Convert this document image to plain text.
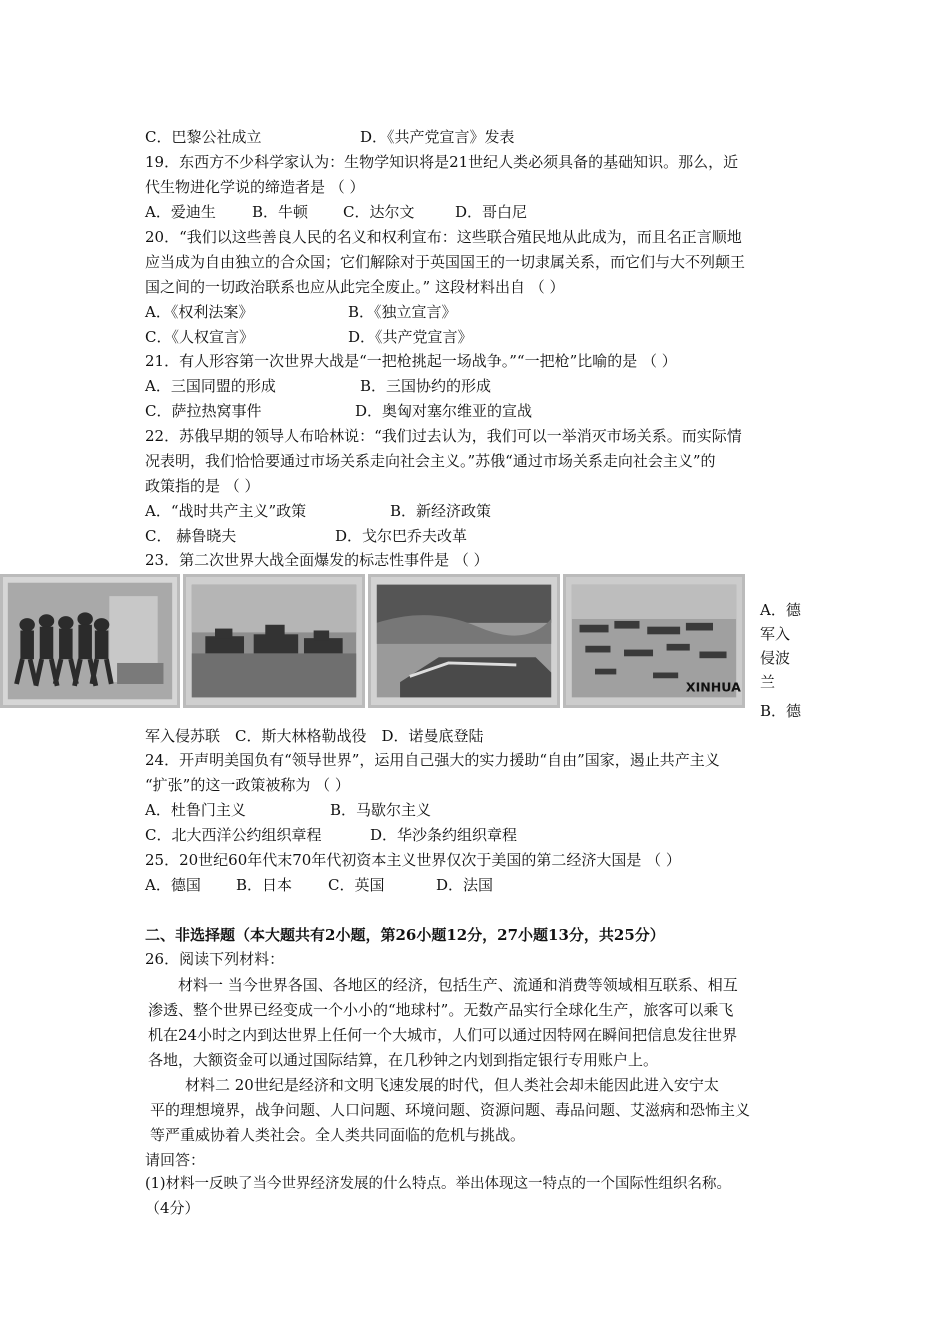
C．巴黎公社成立	D．《共产党宣言》发表
19．东西方不少科学家认为：生物学知识将是21世纪人类必须具备的基础知识。那么，近
代生物进化学说的缔造者是 （ ）
A．爱迪生 B．牛顿 C．达尔文	D．哥白尼
20．“我们以这些善良人民的名义和权利宣布：这些联合殖民地从此成为，而且名正言顺地
应当成为自由独立的合众国；它们解除对于英国国王的一切隶属关系，而它们与大不列颠王
国之间的一切政治联系也应从此完全废止。” 这段材料出自 （ ）
A．《权利法案》	B．《独立宣言》
C．《人权宣言》	D．《共产党宣言》
21．有人形容第一次世界大战是“一把枪挑起一场战争。”“一把枪”比喻的是 （ ）
A．三国同盟的形成	B．三国协约的形成
C．萨拉热窝事件	D．奥匈对塞尔维亚的宣战
22．苏俄早期的领导人布哈林说：“我们过去认为，我们可以一举消灭市场关系。而实际情
况表明，我们恰恰要通过市场关系走向社会主义。”苏俄“通过市场关系走向社会主义”的
政策指的是 （ ）
A．“战时共产主义”政策	B．新经济政策
C． 赫鲁晓夫	D．戈尔巴乔夫改革
23．第二次世界大战全面爆发的标志性事件是 （ ）
XINHUA
A．德军入侵波兰
B．德
军入侵苏联　C．斯大林格勒战役　D．诺曼底登陆
24．开声明美国负有“领导世界”，运用自己强大的实力援助“自由”国家，遏止共产主义
“扩张”的这一政策被称为 （ ）
A．杜鲁门主义	B．马歇尔主义
C．北大西洋公约组织章程	D．华沙条约组织章程
25．20世纪60年代末70年代初资本主义世界仅次于美国的第二经济大国是 （ ）
A．德国 B．日本 C．英国	D．法国
二、非选择题（本大题共有2小题，第26小题12分，27小题13分，共25分）
26．阅读下列材料：
材料一 当今世界各国、各地区的经济，包括生产、流通和消费等领域相互联系、相互
渗透、整个世界已经变成一个小小的“地球村”。无数产品实行全球化生产，旅客可以乘飞
机在24小时之内到达世界上任何一个大城市，人们可以通过因特网在瞬间把信息发往世界
各地，大额资金可以通过国际结算，在几秒钟之内划到指定银行专用账户上。
材料二 20世纪是经济和文明飞速发展的时代，但人类社会却未能因此进入安宁太
平的理想境界，战争问题、人口问题、环境问题、资源问题、毒品问题、艾滋病和恐怖主义
等严重威协着人类社会。全人类共同面临的危机与挑战。
请回答：
(1)材料一反映了当今世界经济发展的什么特点。举出体现这一特点的一个国际性组织名称。
（4分）
